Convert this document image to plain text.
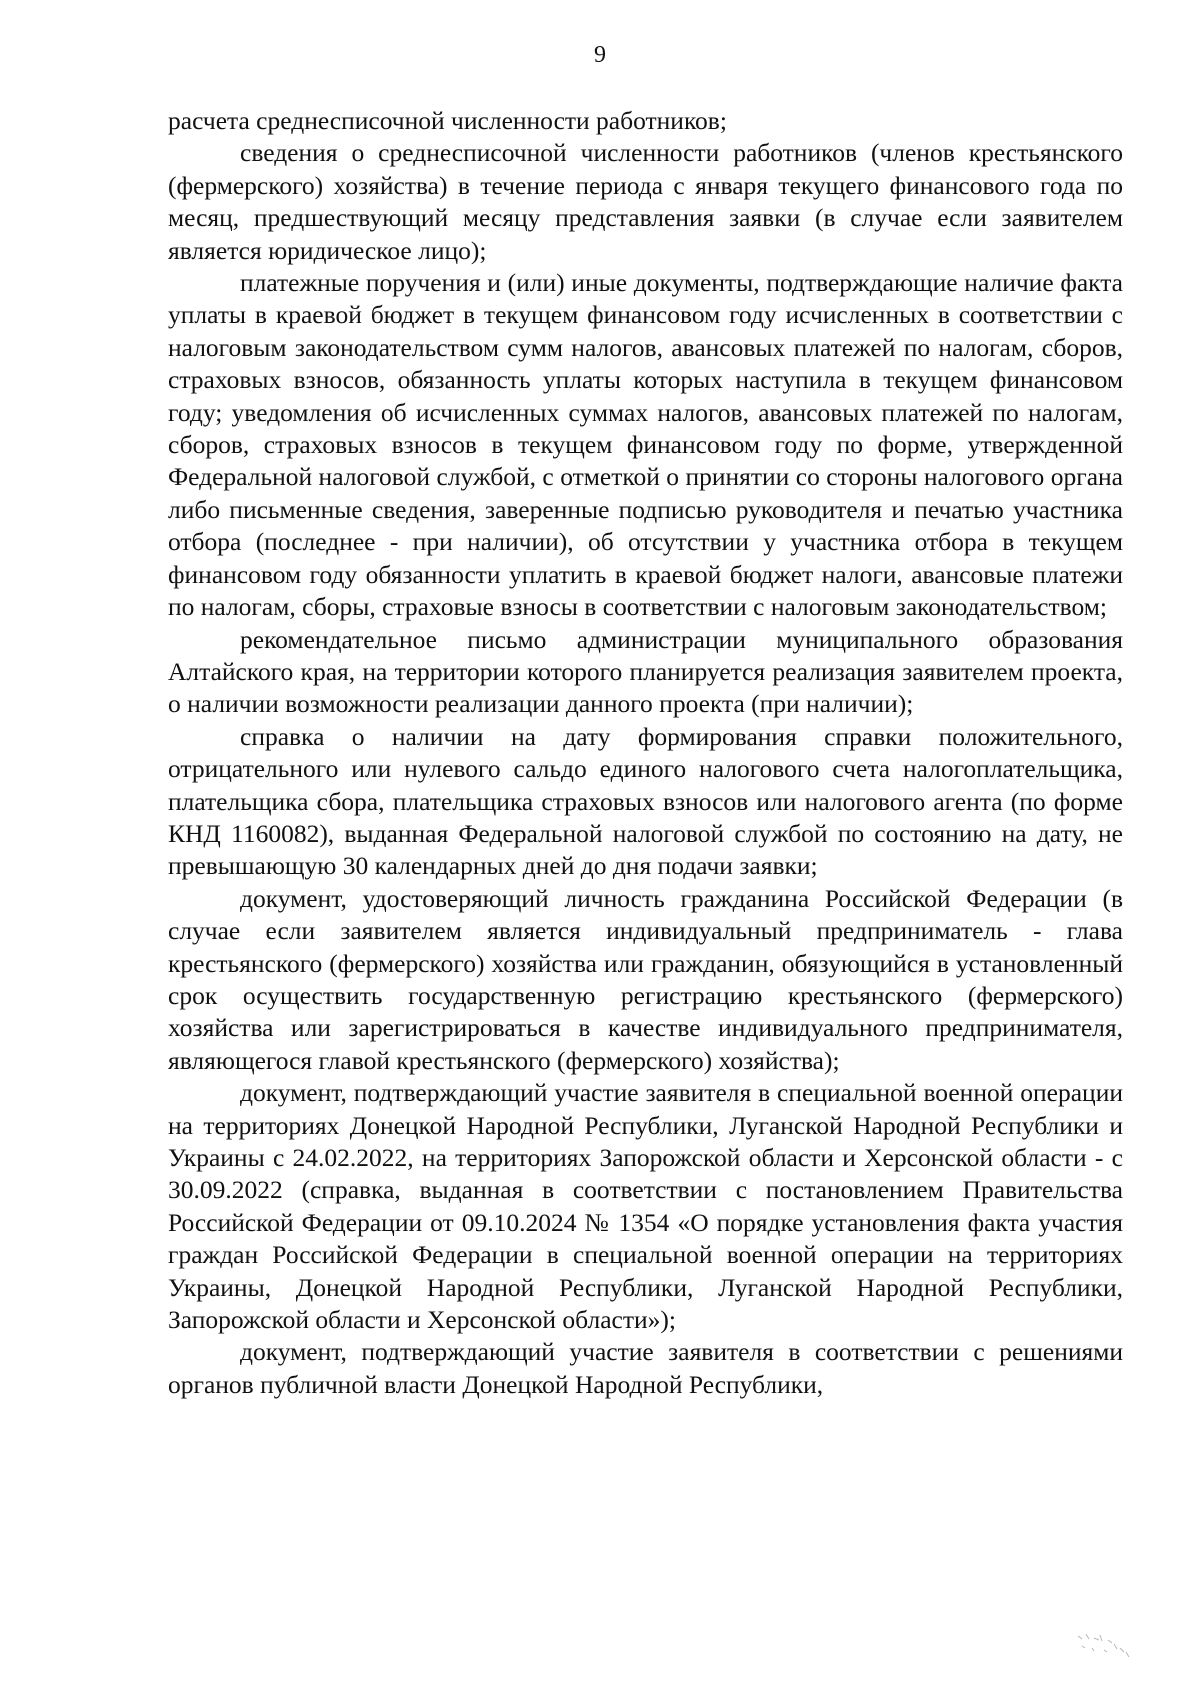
9

расчета среднесписочной численности работников;

сведения о среднесписочной численности работников (членов крестьянского (фермерского) хозяйства) в течение периода с января текущего финансового года по месяц, предшествующий месяцу представления заявки (в случае если заявителем является юридическое лицо);

платежные поручения и (или) иные документы, подтверждающие наличие факта уплаты в краевой бюджет в текущем финансовом году исчисленных в соответствии с налоговым законодательством сумм налогов, авансовых платежей по налогам, сборов, страховых взносов, обязанность уплаты которых наступила в текущем финансовом году; уведомления об исчисленных суммах налогов, авансовых платежей по налогам, сборов, страховых взносов в текущем финансовом году по форме, утвержденной Федеральной налоговой службой, с отметкой о принятии со стороны налогового органа либо письменные сведения, заверенные подписью руководителя и печатью участника отбора (последнее - при наличии), об отсутствии у участника отбора в текущем финансовом году обязанности уплатить в краевой бюджет налоги, авансовые платежи по налогам, сборы, страховые взносы в соответствии с налоговым законодательством;

рекомендательное письмо администрации муниципального образования Алтайского края, на территории которого планируется реализация заявителем проекта, о наличии возможности реализации данного проекта (при наличии);

справка о наличии на дату формирования справки положительного, отрицательного или нулевого сальдо единого налогового счета налогоплательщика, плательщика сбора, плательщика страховых взносов или налогового агента (по форме КНД 1160082), выданная Федеральной налоговой службой по состоянию на дату, не превышающую 30 календарных дней до дня подачи заявки;

документ, удостоверяющий личность гражданина Российской Федерации (в случае если заявителем является индивидуальный предприниматель - глава крестьянского (фермерского) хозяйства или гражданин, обязующийся в установленный срок осуществить государственную регистрацию крестьянского (фермерского) хозяйства или зарегистрироваться в качестве индивидуального предпринимателя, являющегося главой крестьянского (фермерского) хозяйства);

документ, подтверждающий участие заявителя в специальной военной операции на территориях Донецкой Народной Республики, Луганской Народной Республики и Украины с 24.02.2022, на территориях Запорожской области и Херсонской области - с 30.09.2022 (справка, выданная в соответствии с постановлением Правительства Российской Федерации от 09.10.2024 № 1354 «О порядке установления факта участия граждан Российской Федерации в специальной военной операции на территориях Украины, Донецкой Народной Республики, Луганской Народной Республики, Запорожской области и Херсонской области»);

документ, подтверждающий участие заявителя в соответствии с решениями органов публичной власти Донецкой Народной Республики,
